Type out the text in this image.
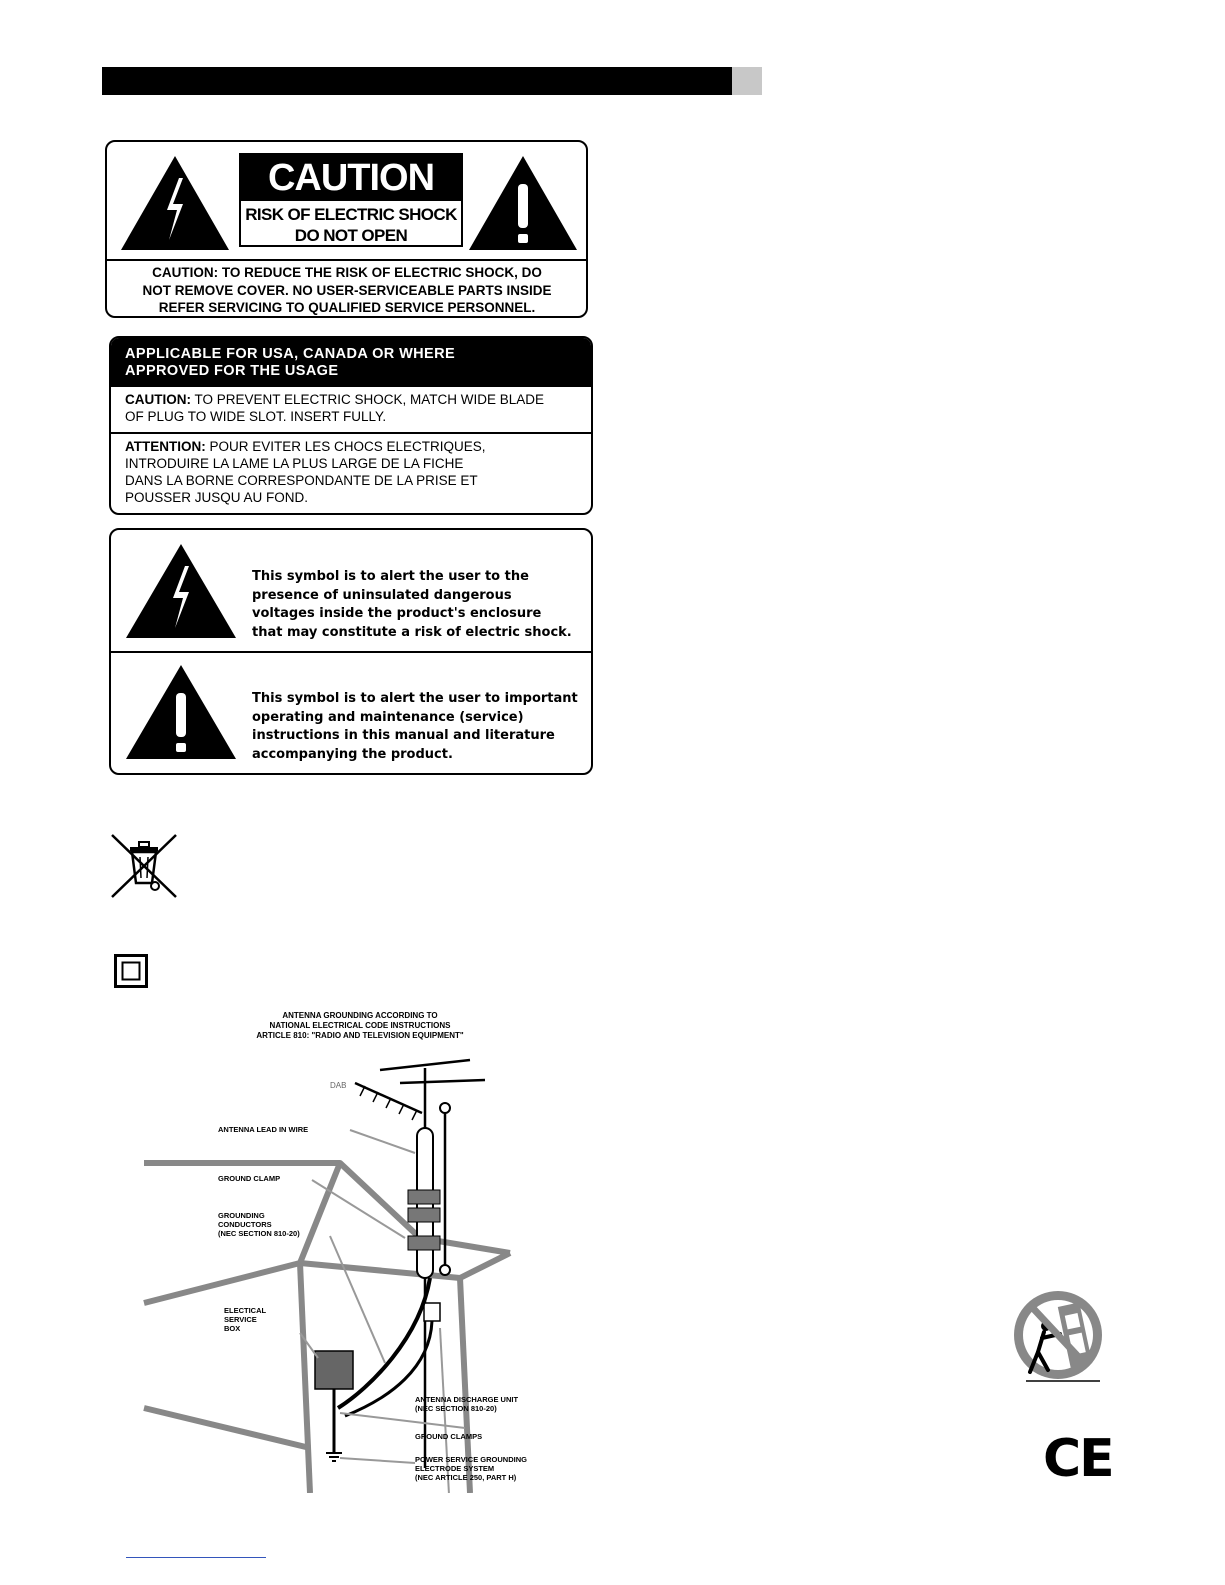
CAUTION
RISK OF ELECTRIC SHOCK
DO NOT OPEN
CAUTION: TO REDUCE THE RISK OF ELECTRIC SHOCK, DO
NOT REMOVE COVER. NO USER-SERVICEABLE PARTS INSIDE
REFER SERVICING TO QUALIFIED SERVICE PERSONNEL.
APPLICABLE FOR USA, CANADA OR WHERE
APPROVED FOR THE USAGE
CAUTION: TO PREVENT ELECTRIC SHOCK, MATCH WIDE BLADE
OF PLUG TO WIDE SLOT. INSERT FULLY.
ATTENTION: POUR EVITER LES CHOCS ELECTRIQUES,
INTRODUIRE LA LAME LA PLUS LARGE DE LA FICHE
DANS LA BORNE CORRESPONDANTE DE LA PRISE ET
POUSSER JUSQU AU FOND.
This symbol is to alert the user to the
presence of uninsulated dangerous
voltages inside the product's enclosure
that may constitute a risk of electric shock.
This symbol is to alert the user to important
operating and maintenance (service)
instructions in this manual and literature
accompanying the product.
ANTENNA GROUNDING ACCORDING TO
NATIONAL ELECTRICAL CODE INSTRUCTIONS
ARTICLE 810: "RADIO AND TELEVISION EQUIPMENT"
DAB
ANTENNA LEAD IN WIRE
GROUND CLAMP
GROUNDING
CONDUCTORS
(NEC SECTION 810-20)
ELECTICAL
SERVICE
BOX
ANTENNA DISCHARGE UNIT
(NEC SECTION 810-20)
GROUND CLAMPS
POWER SERVICE GROUNDING
ELECTRODE SYSTEM
(NEC ARTICLE 250, PART H)	CE
